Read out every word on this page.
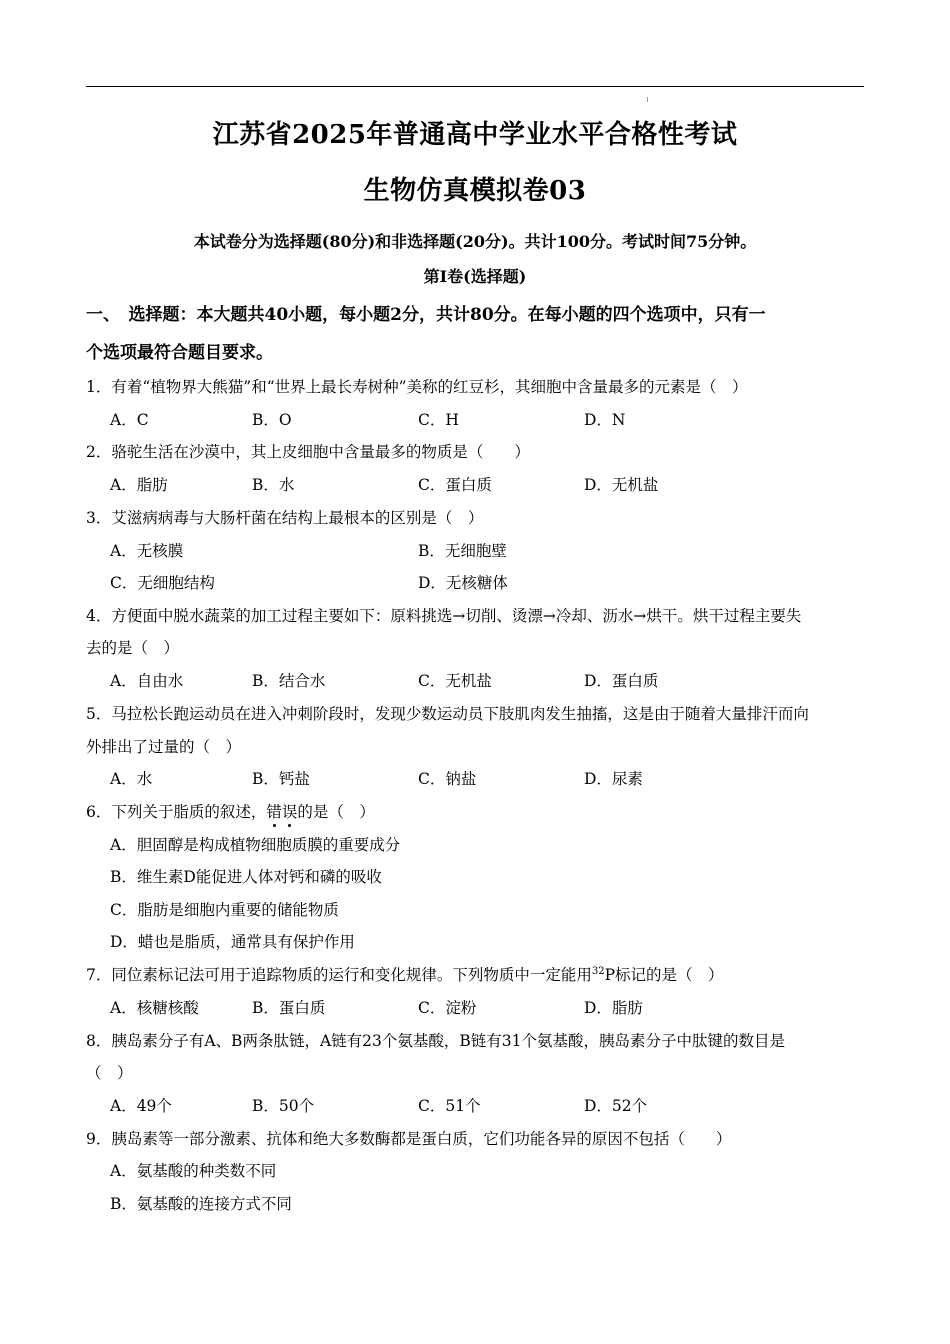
江苏省2025年普通高中学业水平合格性考试
生物仿真模拟卷03
本试卷分为选择题(80分)和非选择题(20分)。共计100分。考试时间75分钟。
第Ⅰ卷(选择题)
一、　选择题：本大题共40小题，每小题2分，共计80分。在每小题的四个选项中，只有一
个选项最符合题目要求。
1．有着“植物界大熊猫”和“世界上最长寿树种”美称的红豆杉，其细胞中含量最多的元素是（　）
A．C	B．O	C．H	D．N
2．骆驼生活在沙漠中，其上皮细胞中含量最多的物质是（　　）
A．脂肪	B．水	C．蛋白质	D．无机盐
3．艾滋病病毒与大肠杆菌在结构上最根本的区别是（　）
A．无核膜	B．无细胞壁
C．无细胞结构	D．无核糖体
4．方便面中脱水蔬菜的加工过程主要如下：原料挑选→切削、烫漂→冷却、沥水→烘干。烘干过程主要失
去的是（　）
A．自由水	B．结合水	C．无机盐	D．蛋白质
5．马拉松长跑运动员在进入冲刺阶段时，发现少数运动员下肢肌肉发生抽搐，这是由于随着大量排汗而向
外排出了过量的（　）
A．水	B．钙盐	C．钠盐	D．尿素
6．下列关于脂质的叙述，错误的是（　）
A．胆固醇是构成植物细胞质膜的重要成分
B．维生素D能促进人体对钙和磷的吸收
C．脂肪是细胞内重要的储能物质
D．蜡也是脂质，通常具有保护作用
7．同位素标记法可用于追踪物质的运行和变化规律。下列物质中一定能用$^{32}$P标记的是（　）
A．核糖核酸	B．蛋白质	C．淀粉	D．脂肪
8．胰岛素分子有A、B两条肽链，A链有23个氨基酸，B链有31个氨基酸，胰岛素分子中肽键的数目是
（　）
A．49个	B．50个	C．51个	D．52个
9．胰岛素等一部分激素、抗体和绝大多数酶都是蛋白质，它们功能各异的原因不包括（　　）
A．氨基酸的种类数不同
B．氨基酸的连接方式不同
